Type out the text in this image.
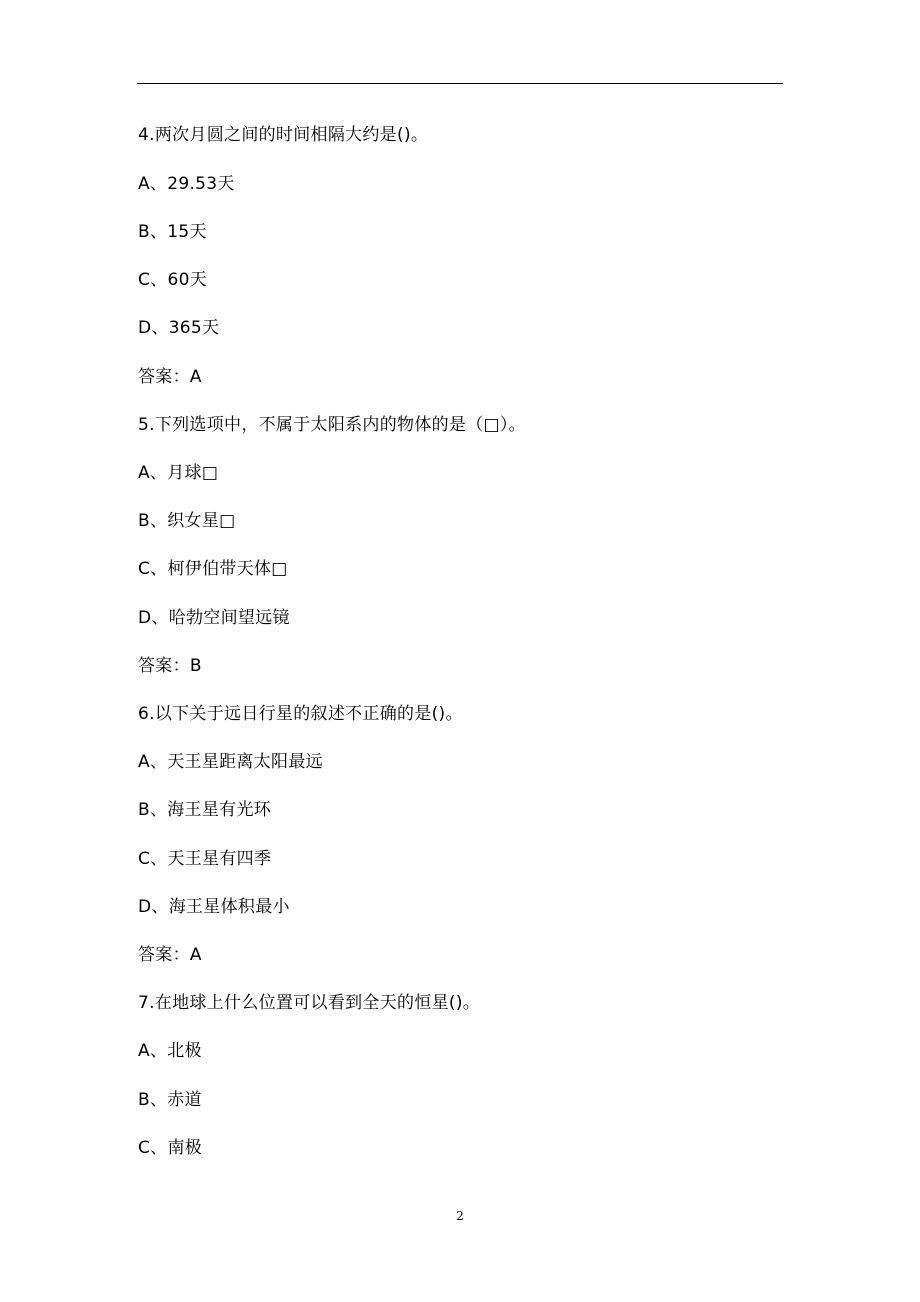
4.两次月圆之间的时间相隔大约是()。
A、29.53天
B、15天
C、60天
D、365天
答案：A
5.下列选项中，不属于太阳系内的物体的是（□）。
A、月球□
B、织女星□
C、柯伊伯带天体□
D、哈勃空间望远镜
答案：B
6.以下关于远日行星的叙述不正确的是()。
A、天王星距离太阳最远
B、海王星有光环
C、天王星有四季
D、海王星体积最小
答案：A
7.在地球上什么位置可以看到全天的恒星()。
A、北极
B、赤道
C、南极
2
